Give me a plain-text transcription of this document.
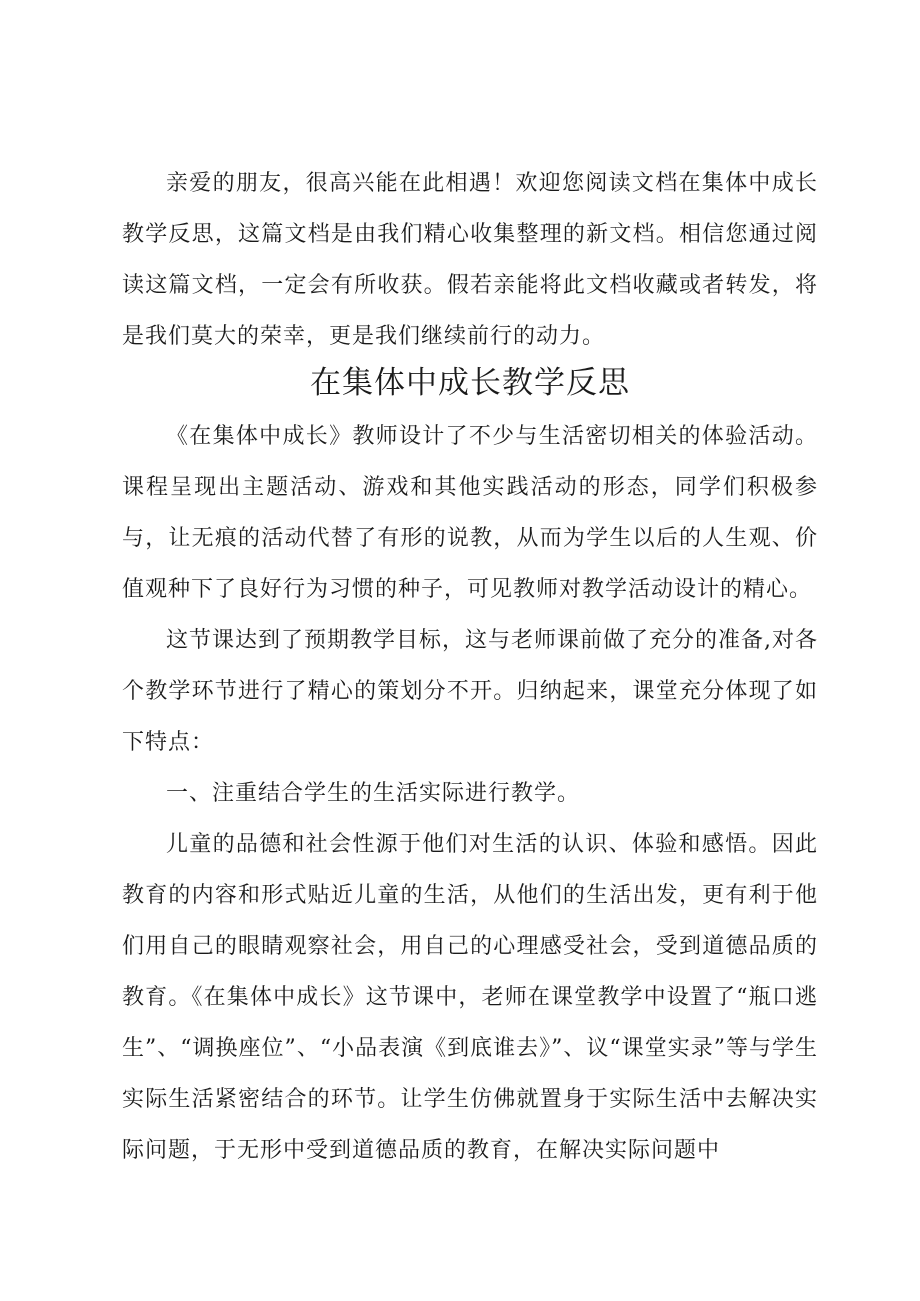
亲爱的朋友，很高兴能在此相遇！欢迎您阅读文档在集体中成长教学反思，这篇文档是由我们精心收集整理的新文档。相信您通过阅读这篇文档，一定会有所收获。假若亲能将此文档收藏或者转发，将是我们莫大的荣幸，更是我们继续前行的动力。

在集体中成长教学反思

《在集体中成长》教师设计了不少与生活密切相关的体验活动。课程呈现出主题活动、游戏和其他实践活动的形态，同学们积极参与，让无痕的活动代替了有形的说教，从而为学生以后的人生观、价值观种下了良好行为习惯的种子，可见教师对教学活动设计的精心。

这节课达到了预期教学目标，这与老师课前做了充分的准备,对各个教学环节进行了精心的策划分不开。归纳起来，课堂充分体现了如下特点：

一、注重结合学生的生活实际进行教学。

儿童的品德和社会性源于他们对生活的认识、体验和感悟。因此教育的内容和形式贴近儿童的生活，从他们的生活出发，更有利于他们用自己的眼睛观察社会，用自己的心理感受社会，受到道德品质的教育。《在集体中成长》这节课中，老师在课堂教学中设置了“瓶口逃生”、“调换座位”、“小品表演《到底谁去》”、议“课堂实录”等与学生实际生活紧密结合的环节。让学生仿佛就置身于实际生活中去解决实际问题，于无形中受到道德品质的教育，在解决实际问题中
